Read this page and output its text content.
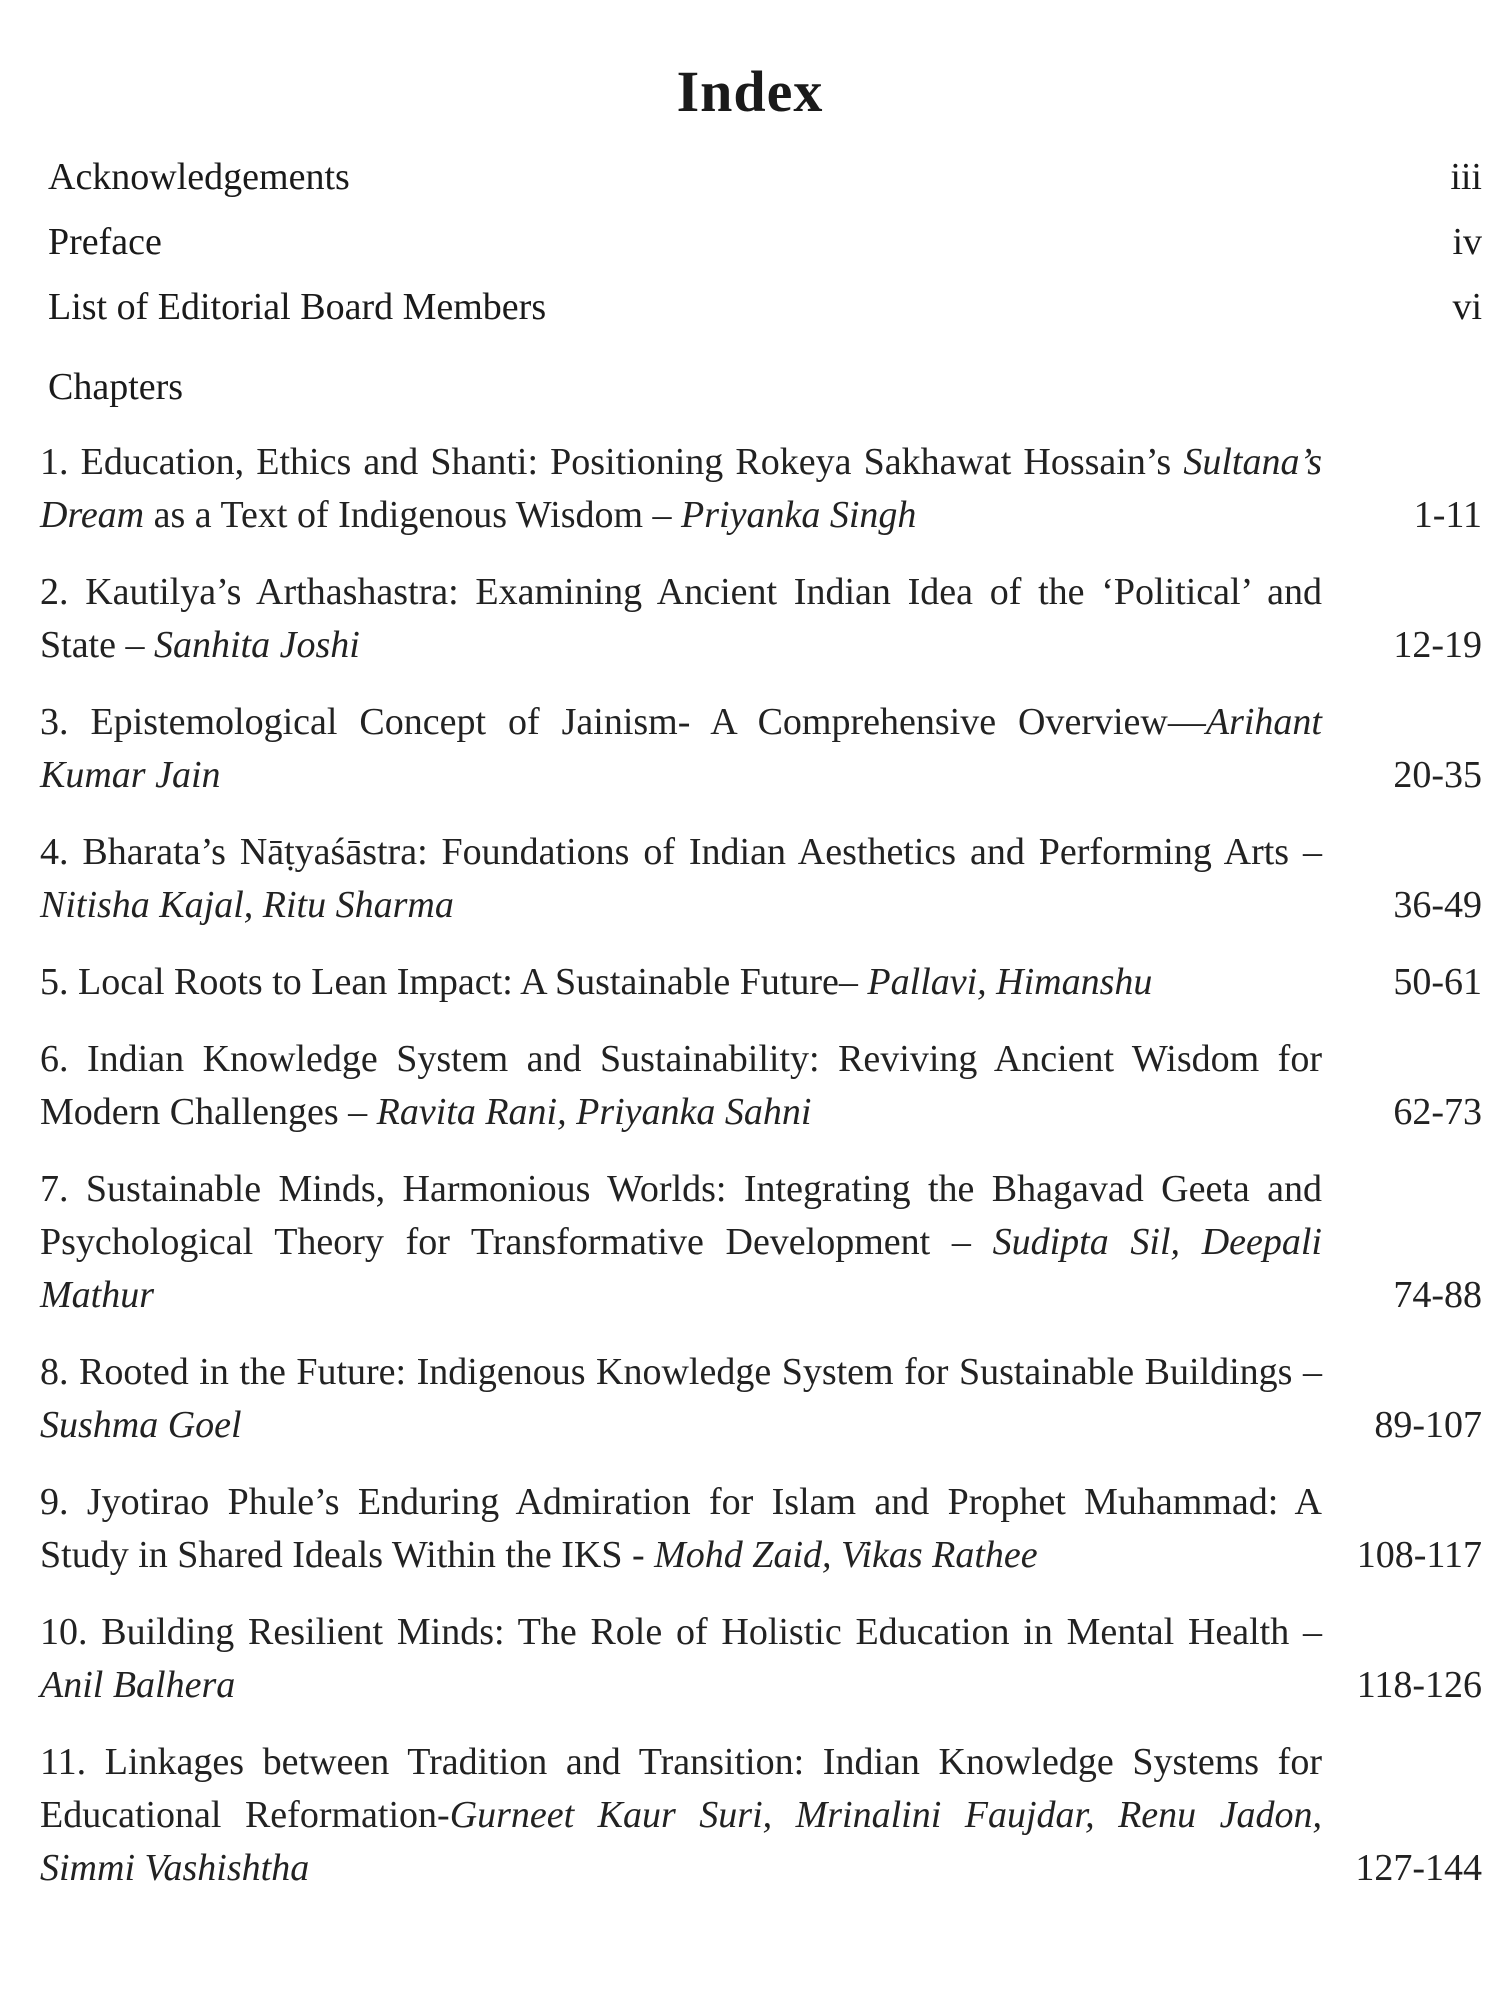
Index
Acknowledgements	iii
Preface	iv
List of Editorial Board Members	vi
Chapters
1. Education, Ethics and Shanti: Positioning Rokeya Sakhawat Hossain’s Sultana’s Dream as a Text of Indigenous Wisdom – Priyanka Singh	1-11
2. Kautilya’s Arthashastra: Examining Ancient Indian Idea of the ‘Political’ and State – Sanhita Joshi	12-19
3. Epistemological Concept of Jainism- A Comprehensive Overview—Arihant Kumar Jain	20-35
4. Bharata’s Nāṭyaśāstra: Foundations of Indian Aesthetics and Performing Arts – Nitisha Kajal, Ritu Sharma	36-49
5. Local Roots to Lean Impact: A Sustainable Future– Pallavi, Himanshu	50-61
6. Indian Knowledge System and Sustainability: Reviving Ancient Wisdom for Modern Challenges – Ravita Rani, Priyanka Sahni	62-73
7. Sustainable Minds, Harmonious Worlds: Integrating the Bhagavad Geeta and Psychological Theory for Transformative Development – Sudipta Sil, Deepali Mathur	74-88
8. Rooted in the Future: Indigenous Knowledge System for Sustainable Buildings – Sushma Goel	89-107
9. Jyotirao Phule’s Enduring Admiration for Islam and Prophet Muhammad: A Study in Shared Ideals Within the IKS - Mohd Zaid, Vikas Rathee	108-117
10. Building Resilient Minds: The Role of Holistic Education in Mental Health – Anil Balhera	118-126
11. Linkages between Tradition and Transition: Indian Knowledge Systems for Educational Reformation-Gurneet Kaur Suri, Mrinalini Faujdar, Renu Jadon, Simmi Vashishtha	127-144
